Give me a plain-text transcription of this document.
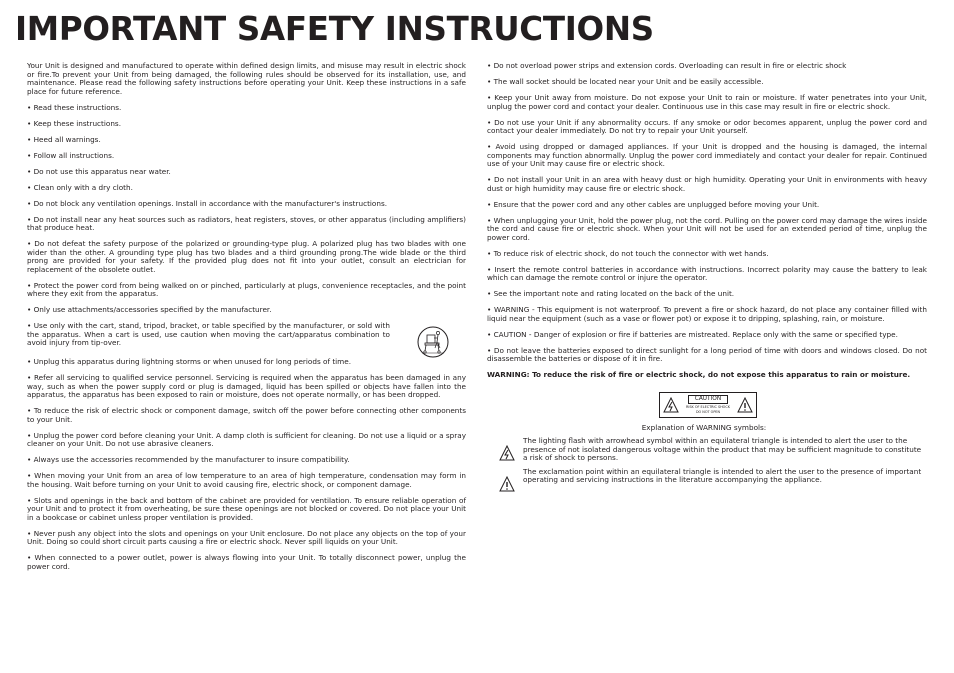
IMPORTANT SAFETY INSTRUCTIONS

Your Unit is designed and manufactured to operate within defined design limits, and misuse may result in electric shock or fire.To prevent your Unit from being damaged, the following rules should be observed for its installation, use, and maintenance. Please read the following safety instructions before operating your Unit. Keep these instructions in a safe place for future reference.

• Read these instructions.

• Keep these instructions.

• Heed all warnings.

• Follow all instructions.

• Do not use this apparatus near water.

• Clean only with a dry cloth.

• Do not block any ventilation openings. Install in accordance with the manufacturer's instructions.

• Do not install near any heat sources such as radiators, heat registers, stoves, or other apparatus (including amplifiers) that produce heat.

• Do not defeat the safety purpose of the polarized or grounding-type plug. A polarized plug has two blades with one wider than the other. A grounding type plug has two blades and a third grounding prong.The wide blade or the third prong are provided for your safety. If the provided plug does not fit into your outlet, consult an electrician for replacement of the obsolete outlet.

• Protect the power cord from being walked on or pinched, particularly at plugs, convenience receptacles, and the point where they exit from the apparatus.

• Only use attachments/accessories specified by the manufacturer.

• Use only with the cart, stand, tripod, bracket, or table specified by the manufacturer, or sold with the apparatus. When a cart is used, use caution when moving the cart/apparatus combination to avoid injury from tip-over.

• Unplug this apparatus during lightning storms or when unused for long periods of time.

• Refer all servicing to qualified service personnel. Servicing is required when the apparatus has been damaged in any way, such as when the power supply cord or plug is damaged, liquid has been spilled or objects have fallen into the apparatus, the apparatus has been exposed to rain or moisture, does not operate normally, or has been dropped.

• To reduce the risk of electric shock or component damage, switch off the power before connecting other components to your Unit.

• Unplug the power cord before cleaning your Unit. A damp cloth is sufficient for cleaning. Do not use a liquid or a spray cleaner on your Unit. Do not use abrasive cleaners.

• Always use the accessories recommended by the manufacturer to insure compatibility.

• When moving your Unit from an area of low temperature to an area of high temperature, condensation may form in the housing. Wait before turning on your Unit to avoid causing fire, electric shock, or component damage.

• Slots and openings in the back and bottom of the cabinet are provided for ventilation. To ensure reliable operation of your Unit and to protect it from overheating, be sure these openings are not blocked or covered. Do not place your Unit in a bookcase or cabinet unless proper ventilation is provided.

• Never push any object into the slots and openings on your Unit enclosure. Do not place any objects on the top of your Unit. Doing so could short circuit parts causing a fire or electric shock. Never spill liquids on your Unit.

• When connected to a power outlet, power is always flowing into your Unit. To totally disconnect power, unplug the power cord.

• Do not overload power strips and extension cords. Overloading can result in fire or electric shock

• The wall socket should be located near your Unit and be easily accessible.

• Keep your Unit away from moisture. Do not expose your Unit to rain or moisture. If water penetrates into your Unit, unplug the power cord and contact your dealer. Continuous use in this case may result in fire or electric shock.

• Do not use your Unit if any abnormality occurs. If any smoke or odor becomes apparent, unplug the power cord and contact your dealer immediately. Do not try to repair your Unit yourself.

• Avoid using dropped or damaged appliances. If your Unit is dropped and the housing is damaged, the internal components may function abnormally. Unplug the power cord immediately and contact your dealer for repair. Continued use of your Unit may cause fire or electric shock.

• Do not install your Unit in an area with heavy dust or high humidity. Operating your Unit in environments with heavy dust or high humidity may cause fire or electric shock.

• Ensure that the power cord and any other cables are unplugged before moving your Unit.

• When unplugging your Unit, hold the power plug, not the cord. Pulling on the power cord may damage the wires inside the cord and cause fire or electric shock. When your Unit will not be used for an extended period of time, unplug the power cord.

• To reduce risk of electric shock, do not touch the connector with wet hands.

• Insert the remote control batteries in accordance with instructions. Incorrect polarity may cause the battery to leak which can damage the remote control or injure the operator.

• See the important note and rating located on the back of the unit.

• WARNING - This equipment is not waterproof. To prevent a fire or shock hazard, do not place any container filled with liquid near the equipment (such as a vase or flower pot) or expose it to dripping, splashing, rain, or moisture.

• CAUTION - Danger of explosion or fire if batteries are mistreated. Replace only with the same or specified type.

• Do not leave the batteries exposed to direct sunlight for a long period of time with doors and windows closed. Do not disassemble the batteries or dispose of it in fire.

WARNING: To reduce the risk of fire or electric shock, do not expose this apparatus to rain or moisture.

CAUTION
RISK OF ELECTRIC SHOCK
DO NOT OPEN
Explanation of WARNING symbols:
The lighting flash with arrowhead symbol within an equilateral triangle is intended to alert the user to the presence of not isolated dangerous voltage within the product that may be sufficient magnitude to constitute a risk of shock to persons.
The exclamation point within an equilateral triangle is intended to alert the user to the presence of important operating and servicing instructions in the literature accompanying the appliance.
